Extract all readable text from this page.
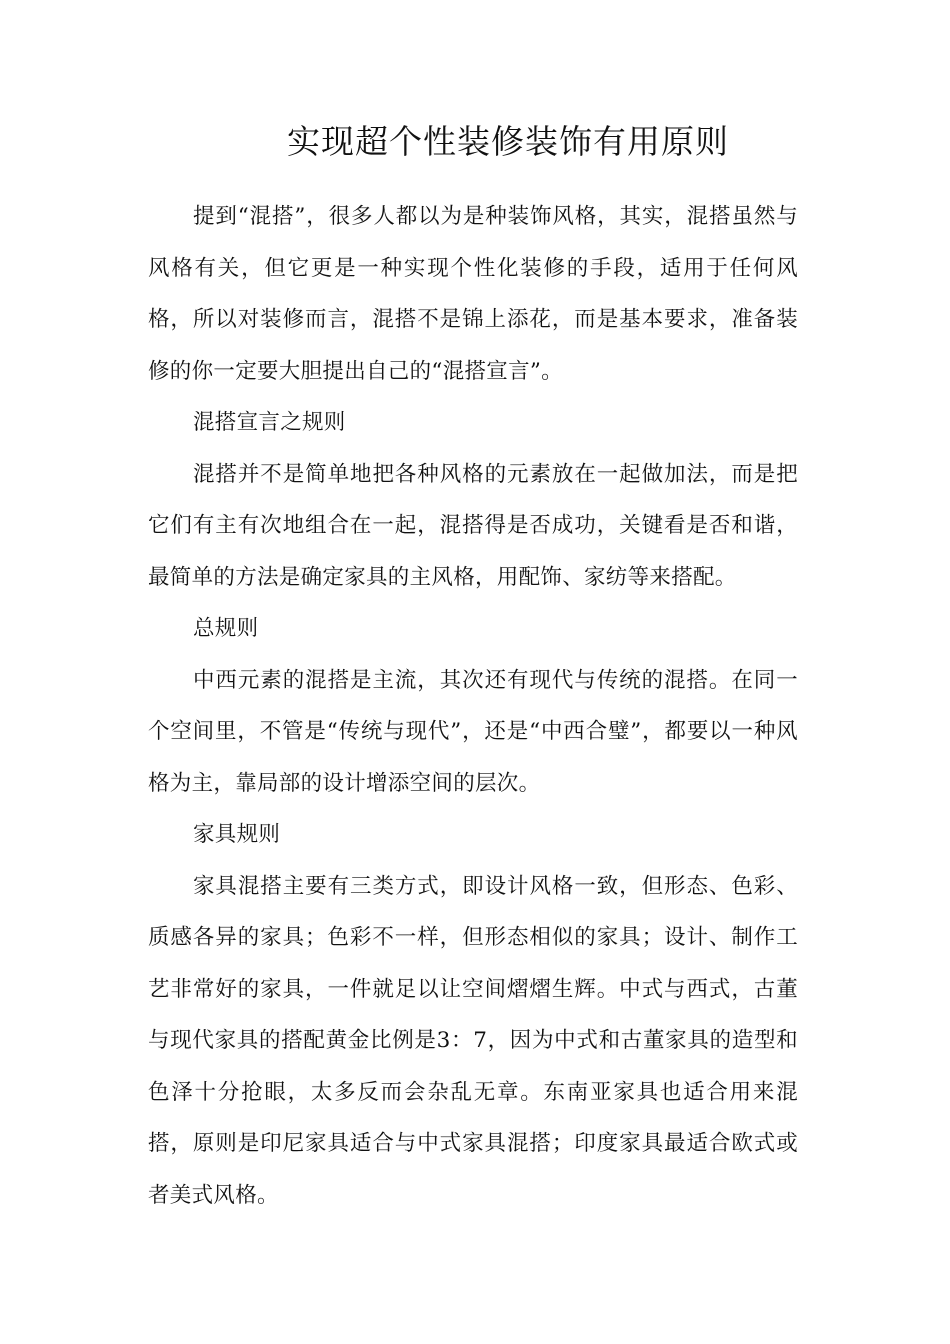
实现超个性装修装饰有用原则

提到“混搭”，很多人都以为是种装饰风格，其实，混搭虽然与风格有关，但它更是一种实现个性化装修的手段，适用于任何风格，所以对装修而言，混搭不是锦上添花，而是基本要求，准备装修的你一定要大胆提出自己的“混搭宣言”。

混搭宣言之规则

混搭并不是简单地把各种风格的元素放在一起做加法，而是把它们有主有次地组合在一起，混搭得是否成功，关键看是否和谐，最简单的方法是确定家具的主风格，用配饰、家纺等来搭配。

总规则

中西元素的混搭是主流，其次还有现代与传统的混搭。在同一个空间里，不管是“传统与现代”，还是“中西合璧”，都要以一种风格为主，靠局部的设计增添空间的层次。

家具规则

家具混搭主要有三类方式，即设计风格一致，但形态、色彩、质感各异的家具；色彩不一样，但形态相似的家具；设计、制作工艺非常好的家具，一件就足以让空间熠熠生辉。中式与西式，古董与现代家具的搭配黄金比例是3：7，因为中式和古董家具的造型和色泽十分抢眼，太多反而会杂乱无章。东南亚家具也适合用来混搭，原则是印尼家具适合与中式家具混搭；印度家具最适合欧式或者美式风格。
